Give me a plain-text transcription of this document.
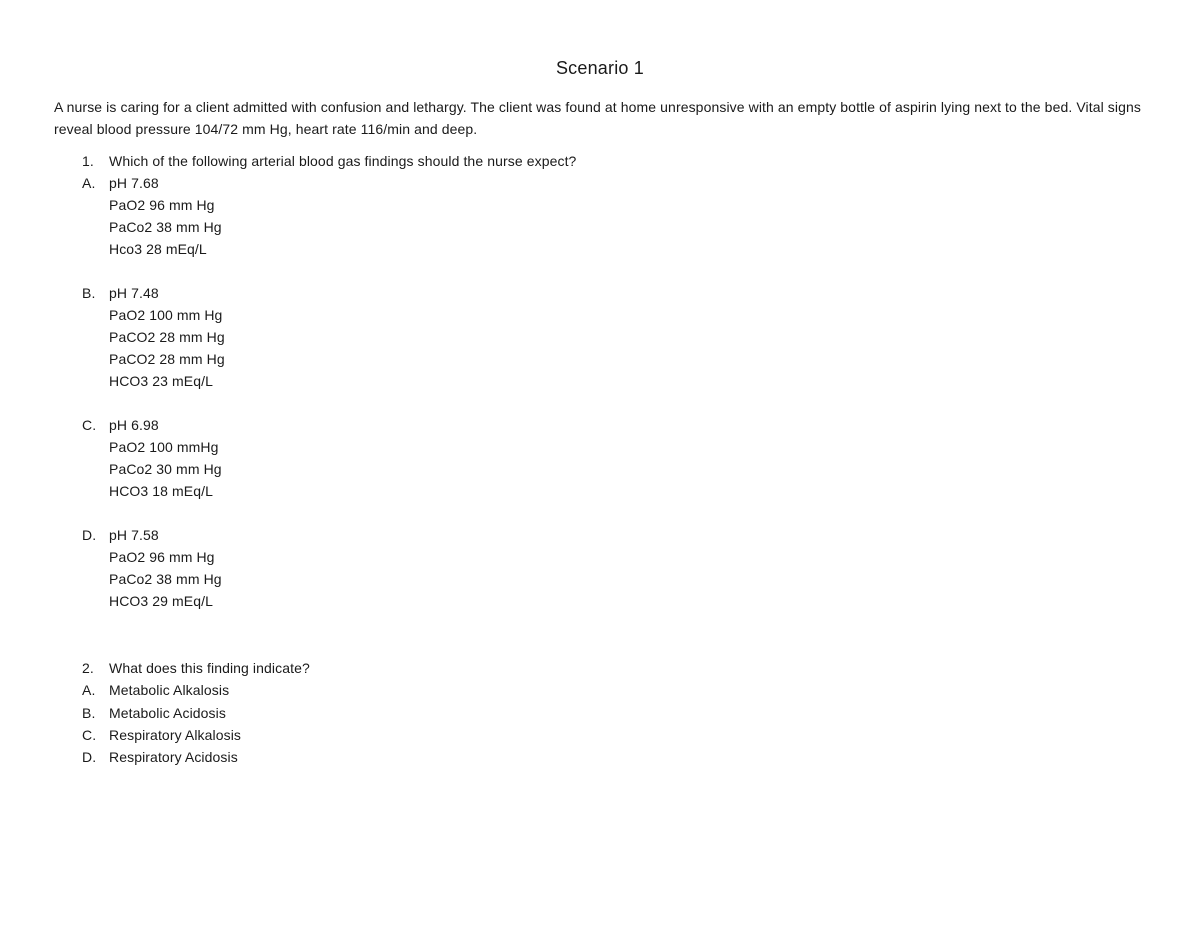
Scenario 1
A nurse is caring for a client admitted with confusion and lethargy. The client was found at home unresponsive with an empty bottle of aspirin lying next to the bed. Vital signs reveal blood pressure 104/72 mm Hg, heart rate 116/min and deep.
1. Which of the following arterial blood gas findings should the nurse expect?
A. pH 7.68
PaO2 96 mm Hg
PaCo2 38 mm Hg
Hco3 28 mEq/L
B. pH 7.48
PaO2 100 mm Hg
PaCO2 28 mm Hg
PaCO2 28 mm Hg
HCO3 23 mEq/L
C. pH 6.98
PaO2 100 mmHg
PaCo2 30 mm Hg
HCO3 18 mEq/L
D. pH 7.58
PaO2 96 mm Hg
PaCo2 38 mm Hg
HCO3 29 mEq/L
2. What does this finding indicate?
A. Metabolic Alkalosis
B. Metabolic Acidosis
C. Respiratory Alkalosis
D. Respiratory Acidosis
